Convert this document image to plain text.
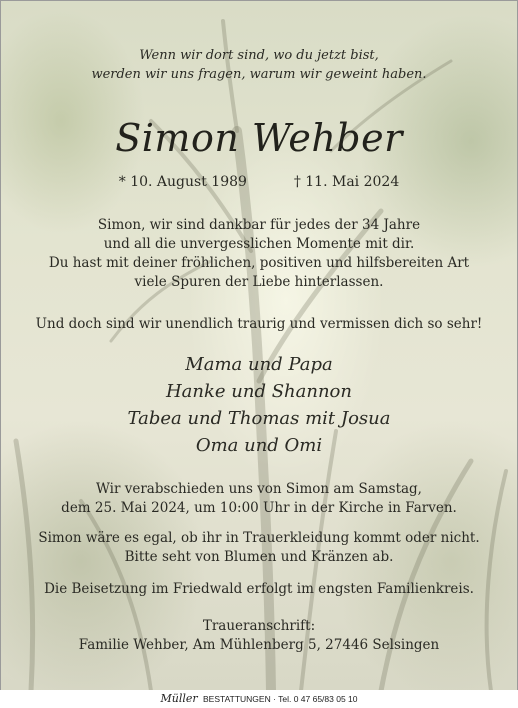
Wenn wir dort sind, wo du jetzt bist,
werden wir uns fragen, warum wir geweint haben.
Simon Wehber
* 10. August 1989	† 11. Mai 2024
Simon, wir sind dankbar für jedes der 34 Jahre
und all die unvergesslichen Momente mit dir.
Du hast mit deiner fröhlichen, positiven und hilfsbereiten Art
viele Spuren der Liebe hinterlassen.
Und doch sind wir unendlich traurig und vermissen dich so sehr!
Mama und Papa
Hanke und Shannon
Tabea und Thomas mit Josua
Oma und Omi
Wir verabschieden uns von Simon am Samstag,
dem 25. Mai 2024, um 10:00 Uhr in der Kirche in Farven.
Simon wäre es egal, ob ihr in Trauerkleidung kommt oder nicht.
Bitte seht von Blumen und Kränzen ab.
Die Beisetzung im Friedwald erfolgt im engsten Familienkreis.
Traueranschrift:
Familie Wehber, Am Mühlenberg 5, 27446 Selsingen
Müller BESTATTUNGEN · Tel. 0 47 65/83 05 10
